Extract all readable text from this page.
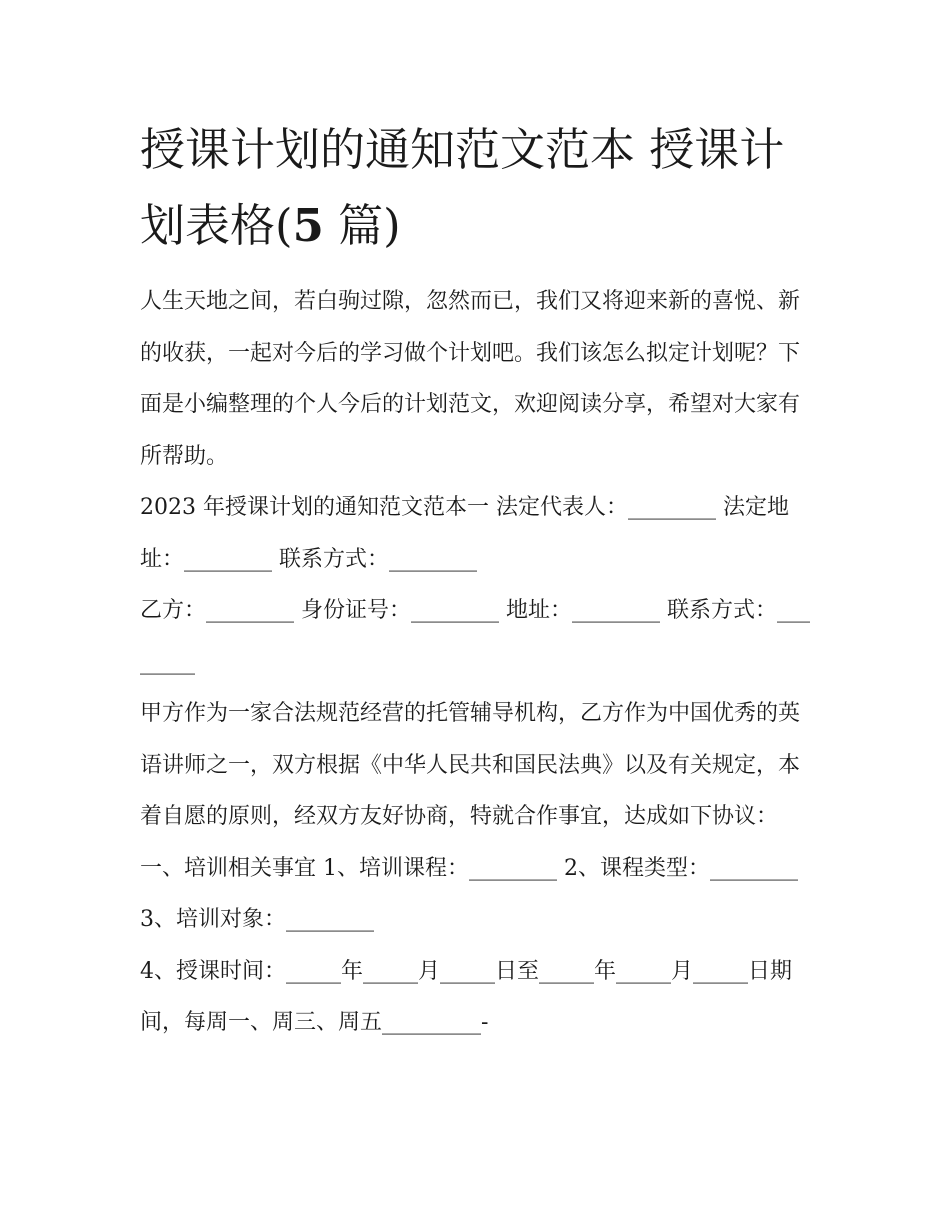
授课计划的通知范文范本 授课计划表格(5 篇)

人生天地之间，若白驹过隙，忽然而已，我们又将迎来新的喜悦、新的收获，一起对今后的学习做个计划吧。我们该怎么拟定计划呢？下面是小编整理的个人今后的计划范文，欢迎阅读分享，希望对大家有所帮助。

2023 年授课计划的通知范文范本一 法定代表人：________ 法定地址：________ 联系方式：________

乙方：________ 身份证号：________ 地址：________ 联系方式：________

甲方作为一家合法规范经营的托管辅导机构，乙方作为中国优秀的英语讲师之一，双方根据《中华人民共和国民法典》以及有关规定，本着自愿的原则，经双方友好协商，特就合作事宜，达成如下协议：

一、培训相关事宜 1、培训课程：________ 2、课程类型：________ 3、培训对象：________

4、授课时间：_____年_____月_____日至_____年_____月_____日期间，每周一、周三、周五_________-
